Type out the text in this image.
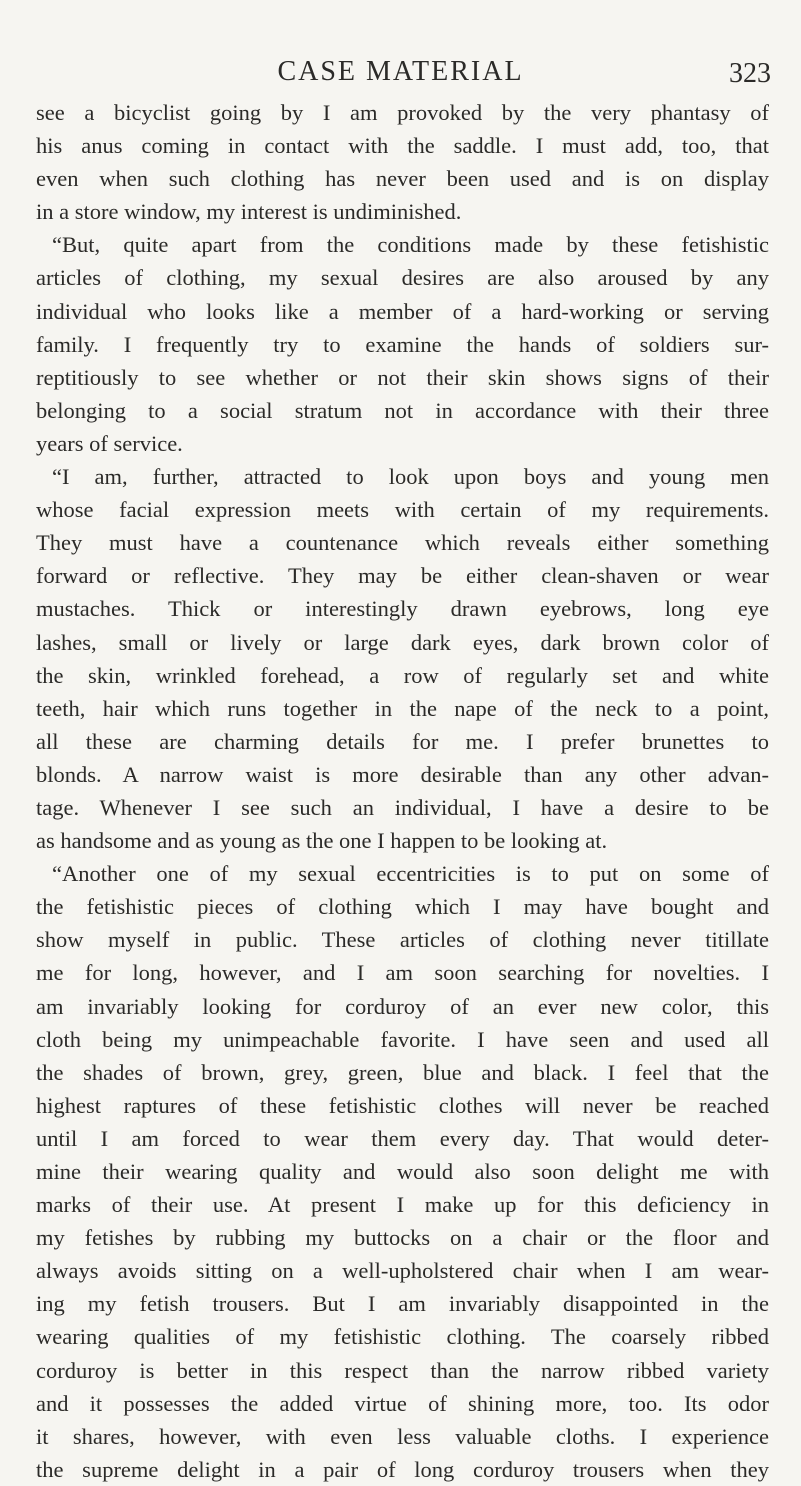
CASE MATERIAL	323
see a bicyclist going by I am provoked by the very phantasy of
his anus coming in contact with the saddle. I must add, too, that
even when such clothing has never been used and is on display
in a store window, my interest is undiminished.
“But, quite apart from the conditions made by these fetishistic
articles of clothing, my sexual desires are also aroused by any
individual who looks like a member of a hard-working or serving
family. I frequently try to examine the hands of soldiers sur-
reptitiously to see whether or not their skin shows signs of their
belonging to a social stratum not in accordance with their three
years of service.
“I am, further, attracted to look upon boys and young men
whose facial expression meets with certain of my requirements.
They must have a countenance which reveals either something
forward or reflective. They may be either clean-shaven or wear
mustaches. Thick or interestingly drawn eyebrows, long eye
lashes, small or lively or large dark eyes, dark brown color of
the skin, wrinkled forehead, a row of regularly set and white
teeth, hair which runs together in the nape of the neck to a point,
all these are charming details for me. I prefer brunettes to
blonds. A narrow waist is more desirable than any other advan-
tage. Whenever I see such an individual, I have a desire to be
as handsome and as young as the one I happen to be looking at.
“Another one of my sexual eccentricities is to put on some of
the fetishistic pieces of clothing which I may have bought and
show myself in public. These articles of clothing never titillate
me for long, however, and I am soon searching for novelties. I
am invariably looking for corduroy of an ever new color, this
cloth being my unimpeachable favorite. I have seen and used all
the shades of brown, grey, green, blue and black. I feel that the
highest raptures of these fetishistic clothes will never be reached
until I am forced to wear them every day. That would deter-
mine their wearing quality and would also soon delight me with
marks of their use. At present I make up for this deficiency in
my fetishes by rubbing my buttocks on a chair or the floor and
always avoids sitting on a well-upholstered chair when I am wear-
ing my fetish trousers. But I am invariably disappointed in the
wearing qualities of my fetishistic clothing. The coarsely ribbed
corduroy is better in this respect than the narrow ribbed variety
and it possesses the added virtue of shining more, too. Its odor
it shares, however, with even less valuable cloths. I experience
the supreme delight in a pair of long corduroy trousers when they
